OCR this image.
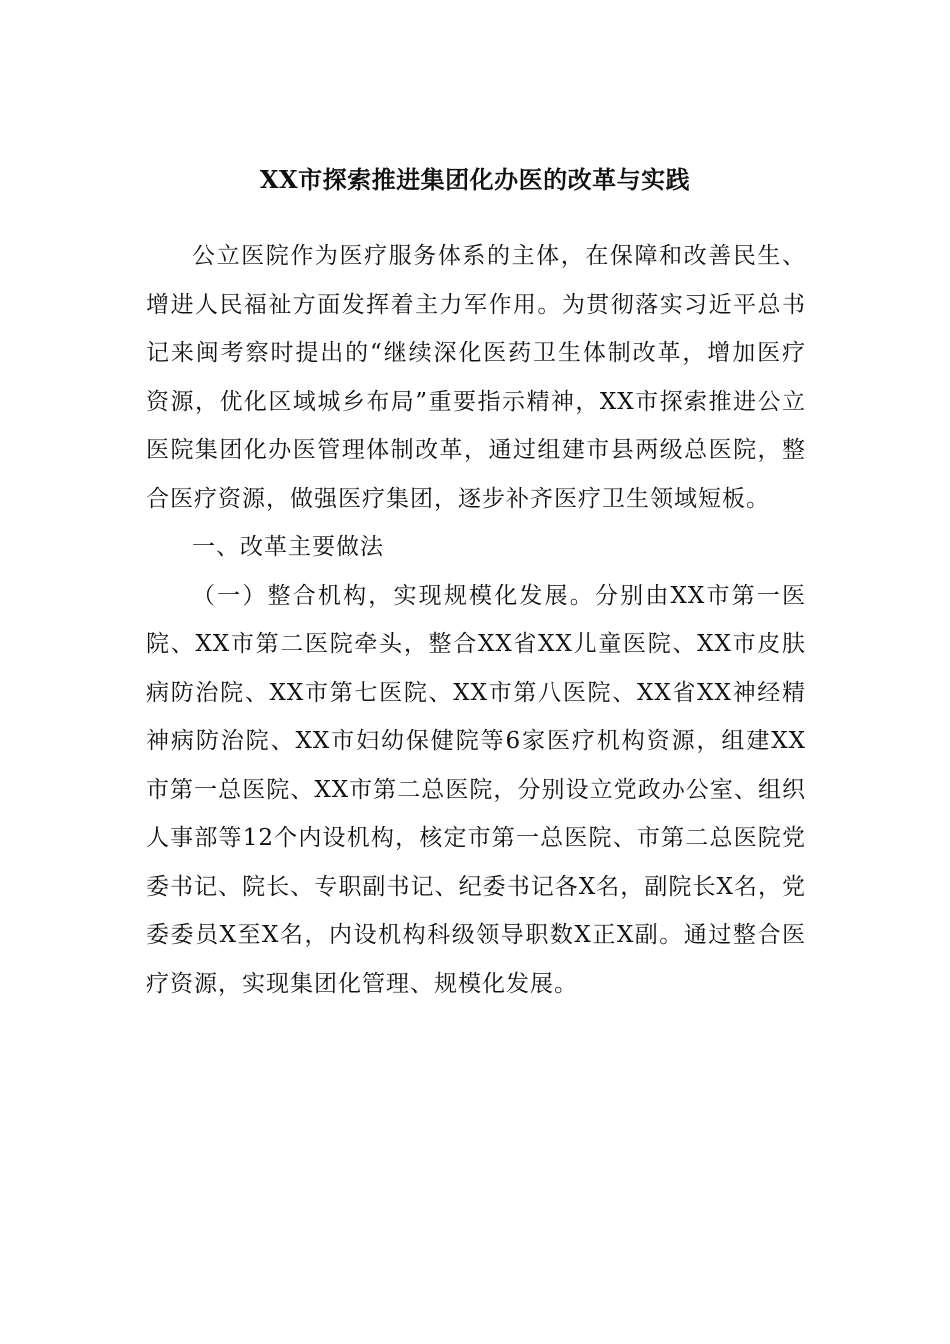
XX市探索推进集团化办医的改革与实践

公立医院作为医疗服务体系的主体，在保障和改善民生、增进人民福祉方面发挥着主力军作用。为贯彻落实习近平总书记来闽考察时提出的“继续深化医药卫生体制改革，增加医疗资源，优化区域城乡布局”重要指示精神，XX市探索推进公立医院集团化办医管理体制改革，通过组建市县两级总医院，整合医疗资源，做强医疗集团，逐步补齐医疗卫生领域短板。

一、改革主要做法

（一）整合机构，实现规模化发展。分别由XX市第一医院、XX市第二医院牵头，整合XX省XX儿童医院、XX市皮肤病防治院、XX市第七医院、XX市第八医院、XX省XX神经精神病防治院、XX市妇幼保健院等6家医疗机构资源，组建XX市第一总医院、XX市第二总医院，分别设立党政办公室、组织人事部等12个内设机构，核定市第一总医院、市第二总医院党委书记、院长、专职副书记、纪委书记各X名，副院长X名，党委委员X至X名，内设机构科级领导职数X正X副。通过整合医疗资源，实现集团化管理、规模化发展。
